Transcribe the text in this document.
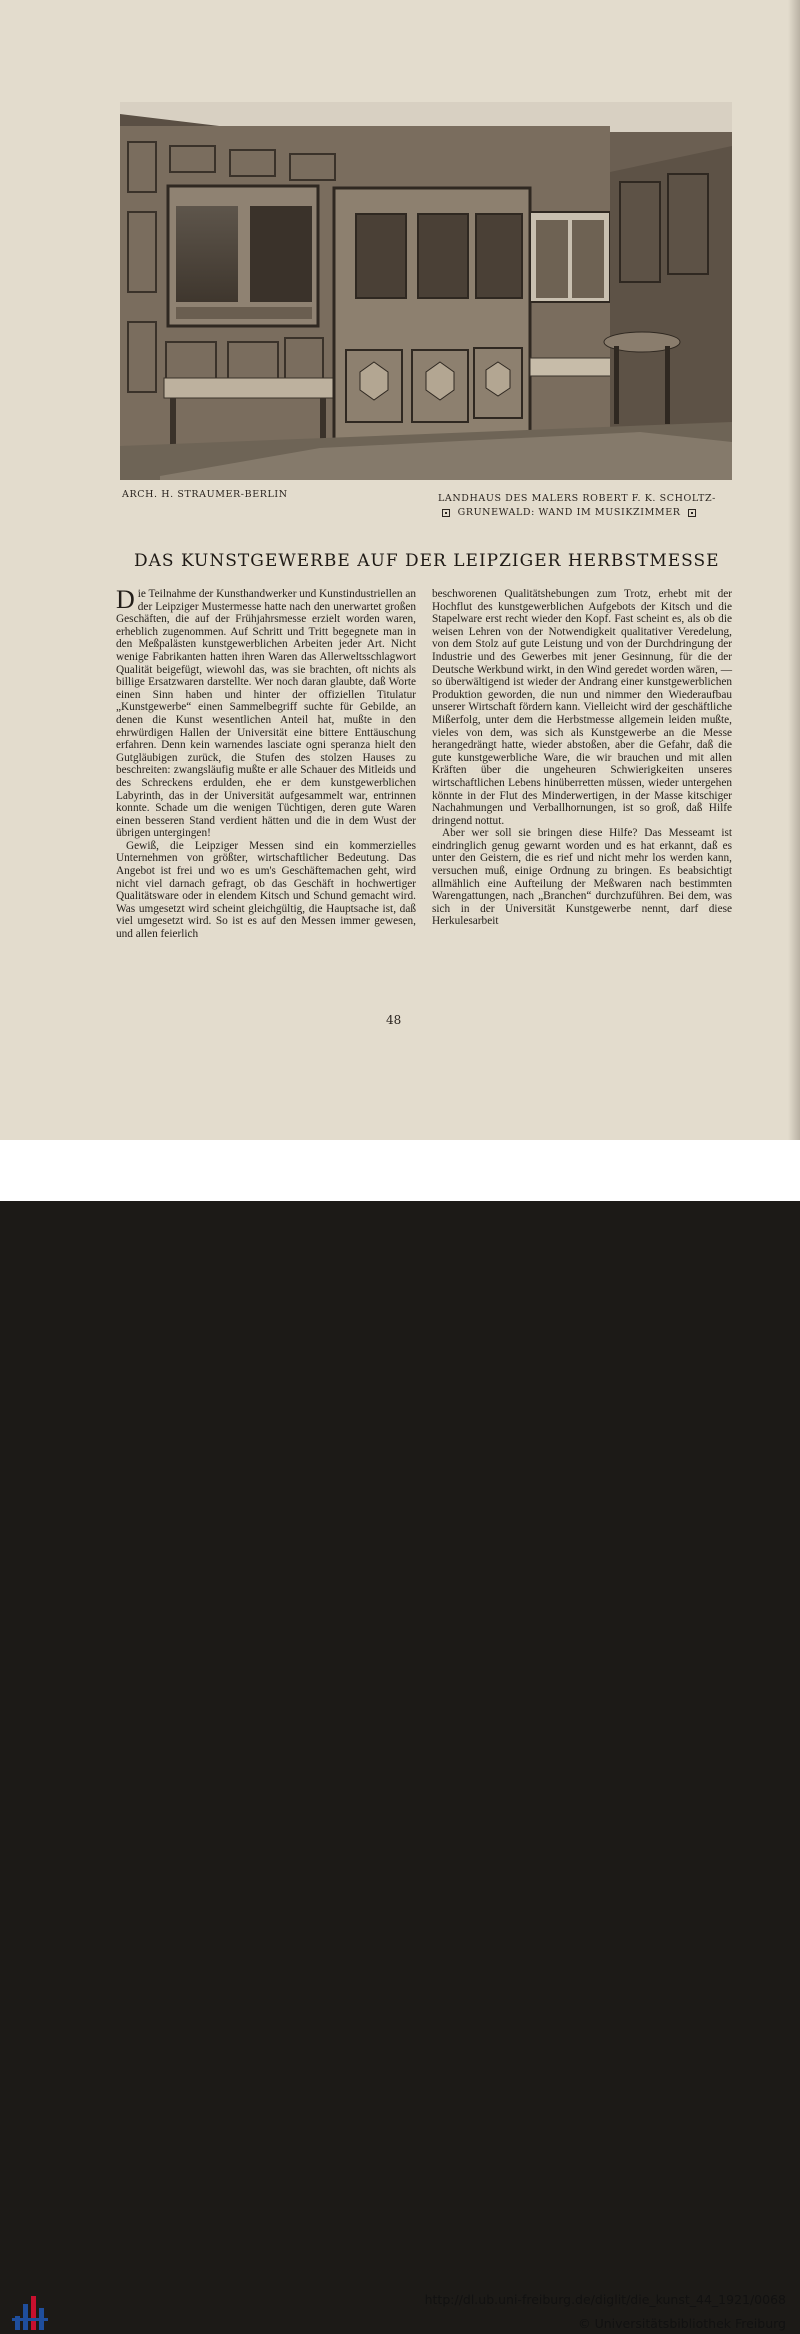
ARCH. H. STRAUMER-BERLIN	LANDHAUS DES MALERS ROBERT F. K. SCHOLTZ-
GRUNEWALD: WAND IM MUSIKZIMMER
DAS KUNSTGEWERBE AUF DER LEIPZIGER HERBSTMESSE

Die Teilnahme der Kunsthandwerker und Kunstindustriellen an der Leipziger Mustermesse hatte nach den unerwartet großen Geschäften, die auf der Frühjahrsmesse erzielt worden waren, erheblich zugenommen. Auf Schritt und Tritt begegnete man in den Meßpalästen kunstgewerblichen Arbeiten jeder Art. Nicht wenige Fabrikanten hatten ihren Waren das Allerweltsschlagwort Qualität beigefügt, wiewohl das, was sie brachten, oft nichts als billige Ersatzwaren darstellte. Wer noch daran glaubte, daß Worte einen Sinn haben und hinter der offiziellen Titulatur „Kunstgewerbe“ einen Sammelbegriff suchte für Gebilde, an denen die Kunst wesentlichen Anteil hat, mußte in den ehrwürdigen Hallen der Universität eine bittere Enttäuschung erfahren. Denn kein warnendes lasciate ogni speranza hielt den Gutgläubigen zurück, die Stufen des stolzen Hauses zu beschreiten: zwangsläufig mußte er alle Schauer des Mitleids und des Schreckens erdulden, ehe er dem kunstgewerblichen Labyrinth, das in der Universität aufgesammelt war, entrinnen konnte. Schade um die wenigen Tüchtigen, deren gute Waren einen besseren Stand verdient hätten und die in dem Wust der übrigen untergingen!

Gewiß, die Leipziger Messen sind ein kommerzielles Unternehmen von größter, wirtschaftlicher Bedeutung. Das Angebot ist frei und wo es um's Geschäftemachen geht, wird nicht viel darnach gefragt, ob das Geschäft in hochwertiger Qualitätsware oder in elendem Kitsch und Schund gemacht wird. Was umgesetzt wird scheint gleichgültig, die Hauptsache ist, daß viel umgesetzt wird. So ist es auf den Messen immer gewesen, und allen feierlich

beschworenen Qualitätshebungen zum Trotz, erhebt mit der Hochflut des kunstgewerblichen Aufgebots der Kitsch und die Stapelware erst recht wieder den Kopf. Fast scheint es, als ob die weisen Lehren von der Notwendigkeit qualitativer Veredelung, von dem Stolz auf gute Leistung und von der Durchdringung der Industrie und des Gewerbes mit jener Gesinnung, für die der Deutsche Werkbund wirkt, in den Wind geredet worden wären, — so überwältigend ist wieder der Andrang einer kunstgewerblichen Produktion geworden, die nun und nimmer den Wiederaufbau unserer Wirtschaft fördern kann. Vielleicht wird der geschäftliche Mißerfolg, unter dem die Herbstmesse allgemein leiden mußte, vieles von dem, was sich als Kunstgewerbe an die Messe herangedrängt hatte, wieder abstoßen, aber die Gefahr, daß die gute kunstgewerbliche Ware, die wir brauchen und mit allen Kräften über die ungeheuren Schwierigkeiten unseres wirtschaftlichen Lebens hinüberretten müssen, wieder untergehen könnte in der Flut des Minderwertigen, in der Masse kitschiger Nachahmungen und Verballhornungen, ist so groß, daß Hilfe dringend nottut.

Aber wer soll sie bringen diese Hilfe? Das Messeamt ist eindringlich genug gewarnt worden und es hat erkannt, daß es unter den Geistern, die es rief und nicht mehr los werden kann, versuchen muß, einige Ordnung zu bringen. Es beabsichtigt allmählich eine Aufteilung der Meßwaren nach bestimmten Warengattungen, nach „Branchen“ durchzuführen. Bei dem, was sich in der Universität Kunstgewerbe nennt, darf diese Herkulesarbeit

48
http://dl.ub.uni-freiburg.de/diglit/die_kunst_44_1921/0068
© Universitätsbibliothek Freiburg
